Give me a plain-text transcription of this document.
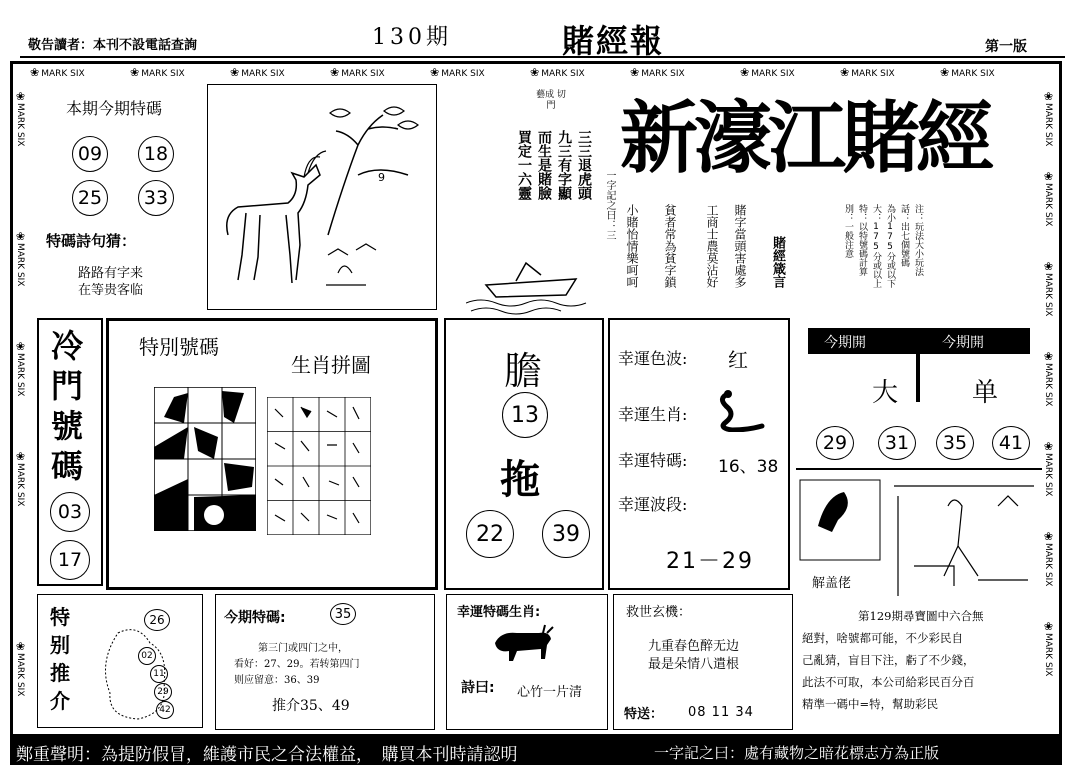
敬告讀者：本刊不設電話查詢	130期	賭經報	第一版
❀ MARK SIX	❀ MARK SIX	❀ MARK SIX	❀ MARK SIX	❀ MARK SIX	❀ MARK SIX	❀ MARK SIX	❀ MARK SIX	❀ MARK SIX	❀ MARK SIX
❀ MARK SIX
❀ MARK SIX
❀ MARK SIX
❀ MARK SIX
❀ MARK SIX
❀ MARK SIX
❀ MARK SIX
❀ MARK SIX
❀ MARK SIX
❀ MARK SIX
❀ MARK SIX
❀ MARK SIX
本期今期特碼
09	18
25	33
特碼詩句猜：
路路有字来
在等贵客临
9
藝成 切門
三三退虎頭
九三有字顯
而生是賭臉
買定一六靈
一字記之曰：三
新濠江賭經
賭經箴言
賭字當頭害處多
工商士農莫沾好
貧者常為貧字鎖
小賭怡情樂呵呵	注：玩法大小玩法
話：出七個號碼
為小175分或以下
大：175分或以上
特：以特號碼計算
別：一般注意
冷門號碼
03
17
特別號碼
生肖拼圖	膽
13
拖
22	39
幸運色波: 红
幸運生肖:
幸運特碼: 16、38
幸運波段:
21－29
今期開	今期開
大	单
29	31	35	41
解盖佬
特别推介
26
02
11
29
42
今期特碼:	35
第三门或四门之中，
看好：27、29。若转第四门
则应留意：36、39
推介35、49
幸運特碼生肖:
詩曰: 心竹一片清
救世玄機：
九重春色醉无边
最是朵情八遣根
特送： 08 11 34
第129期尋寶圖中六合無
絕對，啥號都可能，不少彩民自
己亂猜，盲目下注，虧了不少錢，
此法不可取，本公司給彩民百分百
精準一碼中=特，幫助彩民
鄭重聲明：為提防假冒，維護市民之合法權益，　購買本刊時請認明	一字記之曰：處有藏物之暗花標志方為正版
